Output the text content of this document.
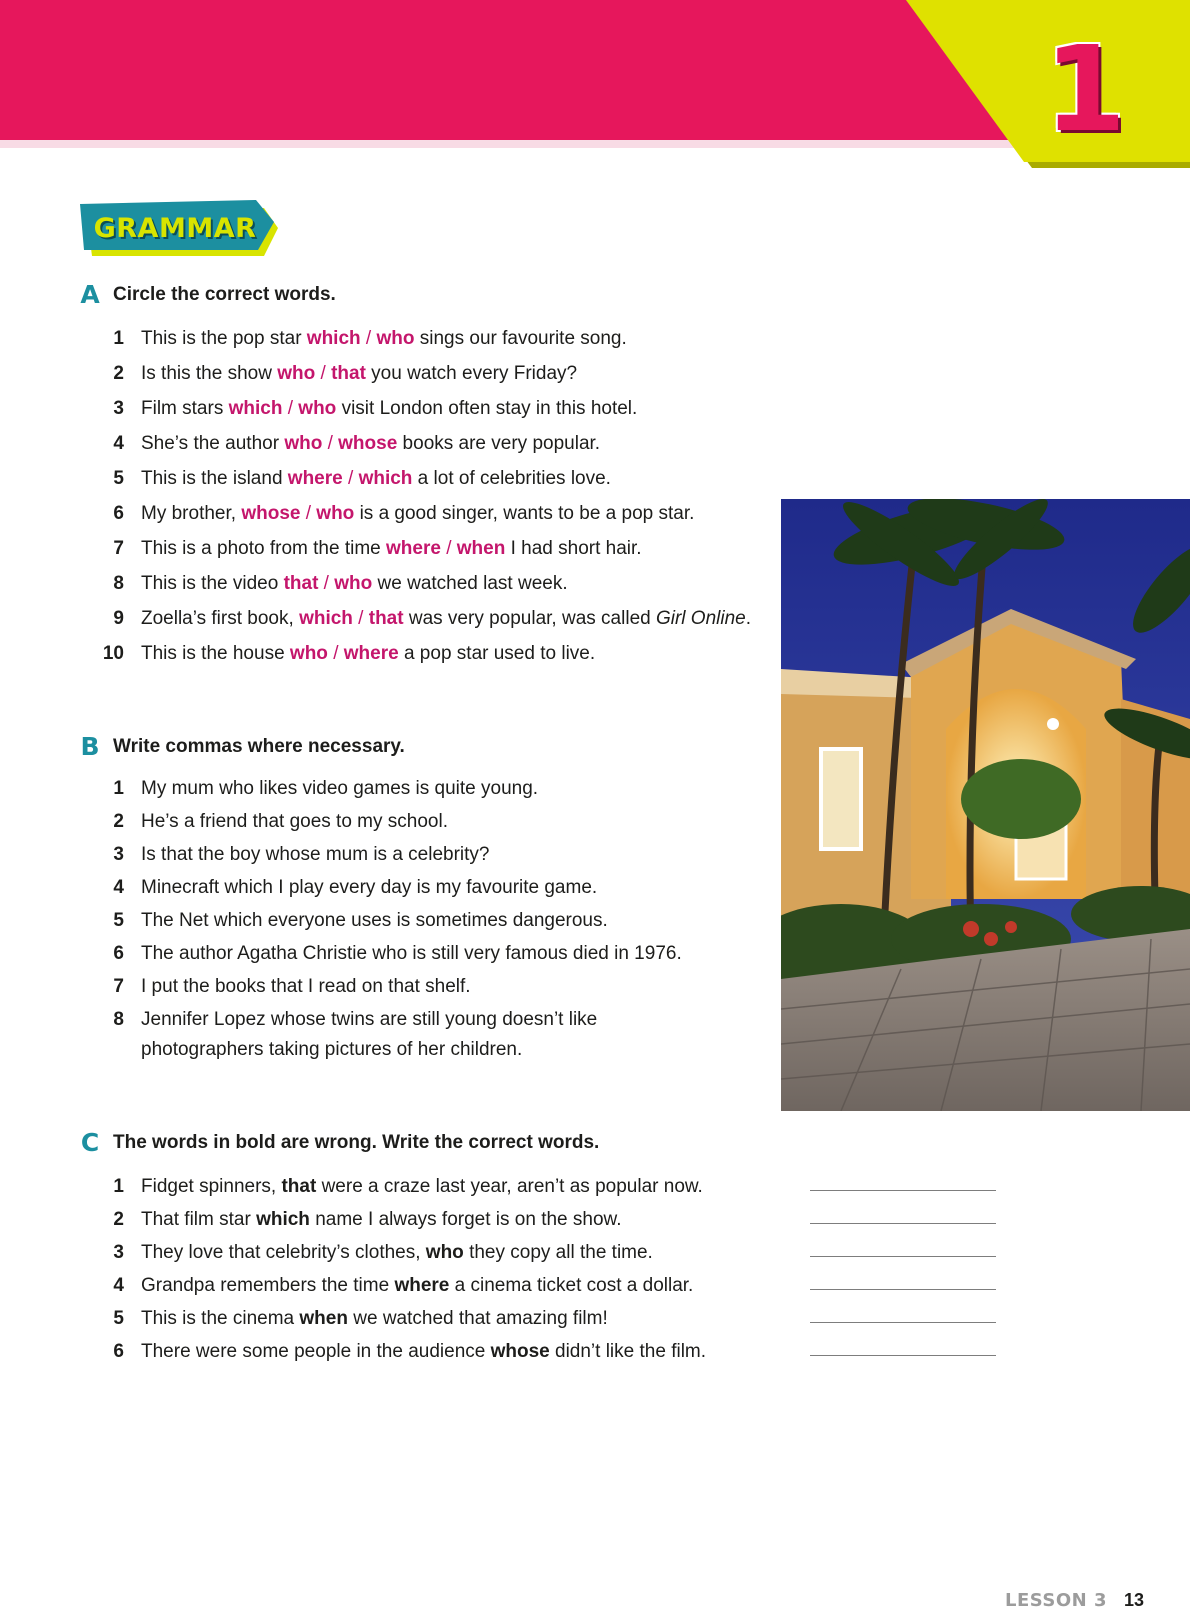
1
GRAMMAR
A Circle the correct words.
1 This is the pop star which / who sings our favourite song.
2 Is this the show who / that you watch every Friday?
3 Film stars which / who visit London often stay in this hotel.
4 She’s the author who / whose books are very popular.
5 This is the island where / which a lot of celebrities love.
6 My brother, whose / who is a good singer, wants to be a pop star.
7 This is a photo from the time where / when I had short hair.
8 This is the video that / who we watched last week.
9 Zoella’s first book, which / that was very popular, was called Girl Online.
10 This is the house who / where a pop star used to live.
B Write commas where necessary.
1 My mum who likes video games is quite young.
2 He’s a friend that goes to my school.
3 Is that the boy whose mum is a celebrity?
4 Minecraft which I play every day is my favourite game.
5 The Net which everyone uses is sometimes dangerous.
6 The author Agatha Christie who is still very famous died in 1976.
7 I put the books that I read on that shelf.
8 Jennifer Lopez whose twins are still young doesn’t like
photographers taking pictures of her children.
C The words in bold are wrong. Write the correct words.
1 Fidget spinners, that were a craze last year, aren’t as popular now.
2 That film star which name I always forget is on the show.
3 They love that celebrity’s clothes, who they copy all the time.
4 Grandpa remembers the time where a cinema ticket cost a dollar.
5 This is the cinema when we watched that amazing film!
6 There were some people in the audience whose didn’t like the film.
LESSON 3 13
